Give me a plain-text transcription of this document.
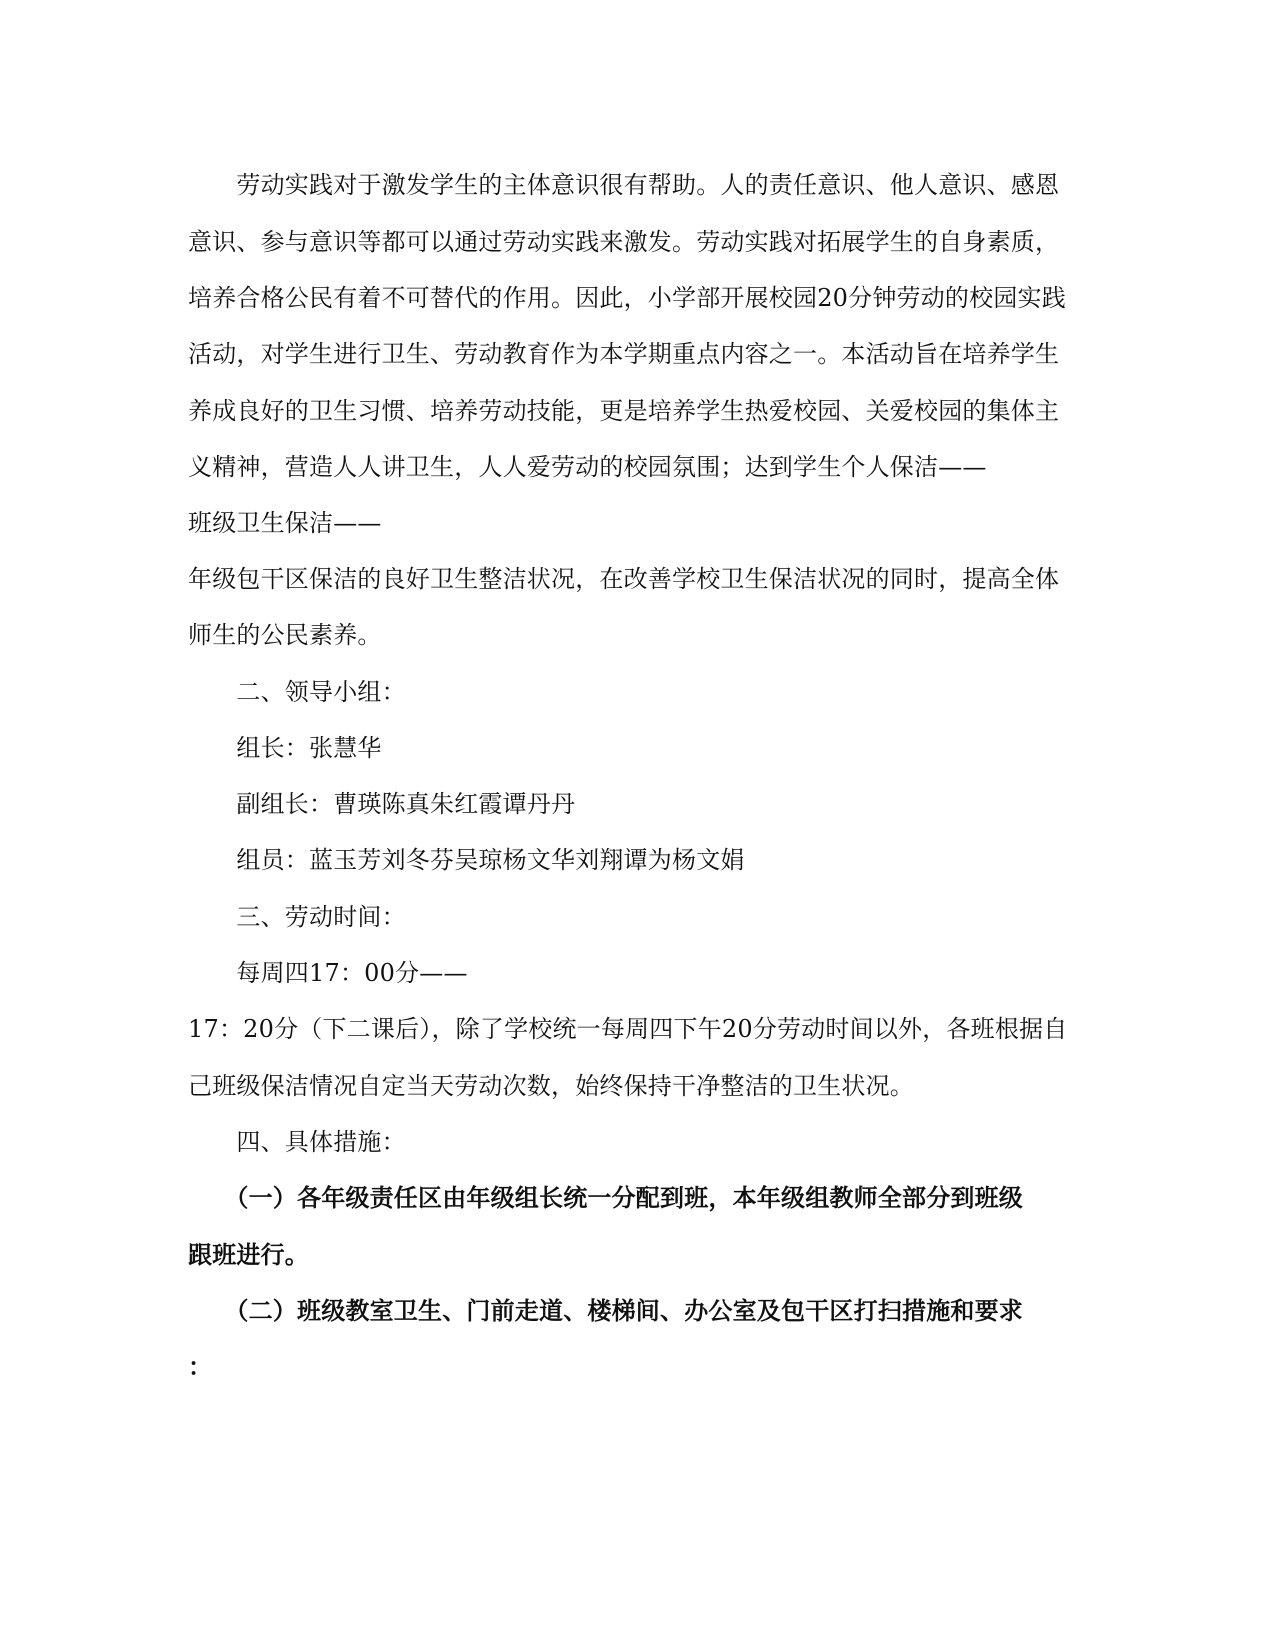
　　劳动实践对于激发学生的主体意识很有帮助。人的责任意识、他人意识、感恩
意识、参与意识等都可以通过劳动实践来激发。劳动实践对拓展学生的自身素质，
培养合格公民有着不可替代的作用。因此，小学部开展校园20分钟劳动的校园实践
活动，对学生进行卫生、劳动教育作为本学期重点内容之一。本活动旨在培养学生
养成良好的卫生习惯、培养劳动技能，更是培养学生热爱校园、关爱校园的集体主
义精神，营造人人讲卫生，人人爱劳动的校园氛围；达到学生个人保洁——
班级卫生保洁——
年级包干区保洁的良好卫生整洁状况，在改善学校卫生保洁状况的同时，提高全体
师生的公民素养。
　　二、领导小组：
　　组长：张慧华
　　副组长：曹瑛陈真朱红霞谭丹丹
　　组员：蓝玉芳刘冬芬吴琼杨文华刘翔谭为杨文娟
　　三、劳动时间：
　　每周四17：00分——
17：20分（下二课后），除了学校统一每周四下午20分劳动时间以外，各班根据自
己班级保洁情况自定当天劳动次数，始终保持干净整洁的卫生状况。
　　四、具体措施：
　　（一）各年级责任区由年级组长统一分配到班，本年级组教师全部分到班级
跟班进行。
　　（二）班级教室卫生、门前走道、楼梯间、办公室及包干区打扫措施和要求
：
